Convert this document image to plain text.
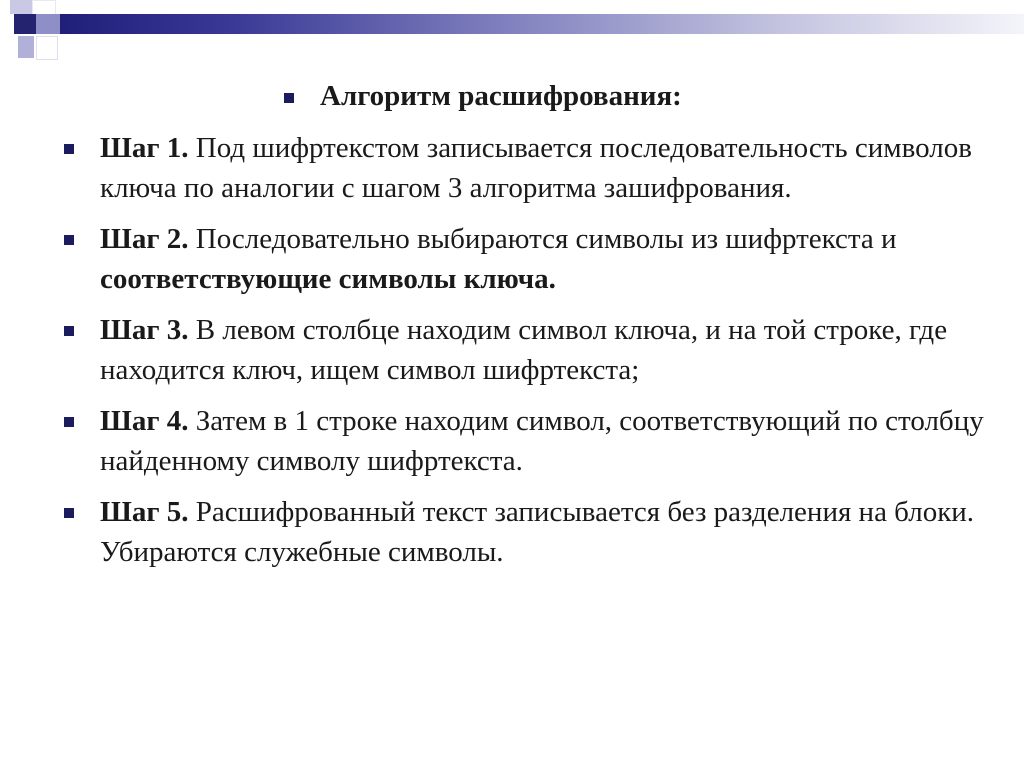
Алгоритм расшифрования:
Шаг 1. Под шифртекстом записывается последовательность символов ключа по аналогии с шагом 3 алгоритма зашифрования.
Шаг 2. Последовательно выбираются символы из шифртекста и соответствующие символы ключа.
Шаг 3. В левом столбце находим символ ключа, и на той строке, где находится ключ, ищем символ шифртекста;
Шаг 4. Затем в 1 строке находим символ, соответствующий по столбцу найденному символу шифртекста.
Шаг 5. Расшифрованный текст записывается без разделения на блоки. Убираются служебные символы.
